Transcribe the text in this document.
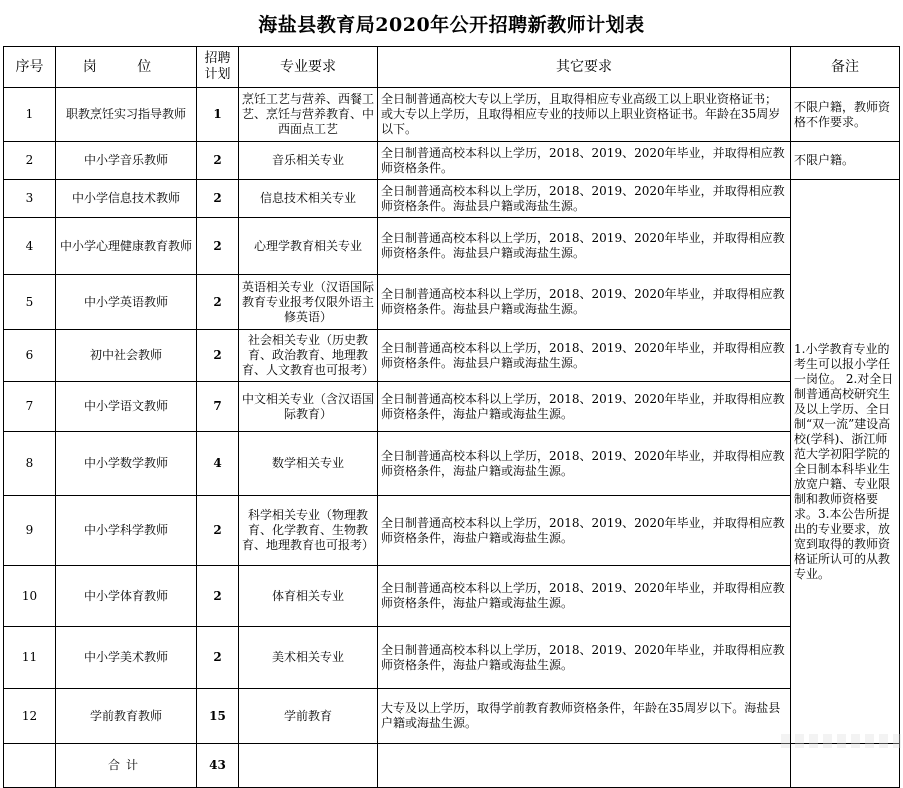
海盐县教育局2020年公开招聘新教师计划表
序号	岗 位	招聘计划	专业要求	其它要求	备注
1	职教烹饪实习指导教师	1	烹饪工艺与营养、西餐工艺、烹饪与营养教育、中西面点工艺	全日制普通高校大专以上学历，且取得相应专业高级工以上职业资格证书；或大专以上学历，且取得相应专业的技师以上职业资格证书。年龄在35周岁以下。	不限户籍，教师资格不作要求。
2	中小学音乐教师	2	音乐相关专业	全日制普通高校本科以上学历，2018、2019、2020年毕业，并取得相应教师资格条件。	不限户籍。
3	中小学信息技术教师	2	信息技术相关专业	全日制普通高校本科以上学历，2018、2019、2020年毕业，并取得相应教师资格条件。海盐县户籍或海盐生源。	1.小学教育专业的考生可以报小学任一岗位。 2.对全日制普通高校研究生及以上学历、全日制“双一流”建设高校(学科)、浙江师范大学初阳学院的全日制本科毕业生放宽户籍、专业限制和教师资格要求。3.本公告所提出的专业要求，放宽到取得的教师资格证所认可的从教专业。
4	中小学心理健康教育教师	2	心理学教育相关专业	全日制普通高校本科以上学历，2018、2019、2020年毕业，并取得相应教师资格条件。海盐县户籍或海盐生源。	
5	中小学英语教师	2	英语相关专业（汉语国际教育专业报考仅限外语主修英语）	全日制普通高校本科以上学历，2018、2019、2020年毕业，并取得相应教师资格条件。海盐县户籍或海盐生源。	
6	初中社会教师	2	社会相关专业（历史教育、政治教育、地理教育、人文教育也可报考）	全日制普通高校本科以上学历，2018、2019、2020年毕业，并取得相应教师资格条件。海盐县户籍或海盐生源。	
7	中小学语文教师	7	中文相关专业（含汉语国际教育）	全日制普通高校本科以上学历，2018、2019、2020年毕业，并取得相应教师资格条件，海盐户籍或海盐生源。	
8	中小学数学教师	4	数学相关专业	全日制普通高校本科以上学历，2018、2019、2020年毕业，并取得相应教师资格条件，海盐户籍或海盐生源。	
9	中小学科学教师	2	科学相关专业（物理教育、化学教育、生物教育、地理教育也可报考）	全日制普通高校本科以上学历，2018、2019、2020年毕业，并取得相应教师资格条件，海盐户籍或海盐生源。	
10	中小学体育教师	2	体育相关专业	全日制普通高校本科以上学历，2018、2019、2020年毕业，并取得相应教师资格条件，海盐户籍或海盐生源。	
11	中小学美术教师	2	美术相关专业	全日制普通高校本科以上学历，2018、2019、2020年毕业，并取得相应教师资格条件，海盐户籍或海盐生源。	
12	学前教育教师	15	学前教育	大专及以上学历，取得学前教育教师资格条件，年龄在35周岁以下。海盐县户籍或海盐生源。	
	合计	43			
